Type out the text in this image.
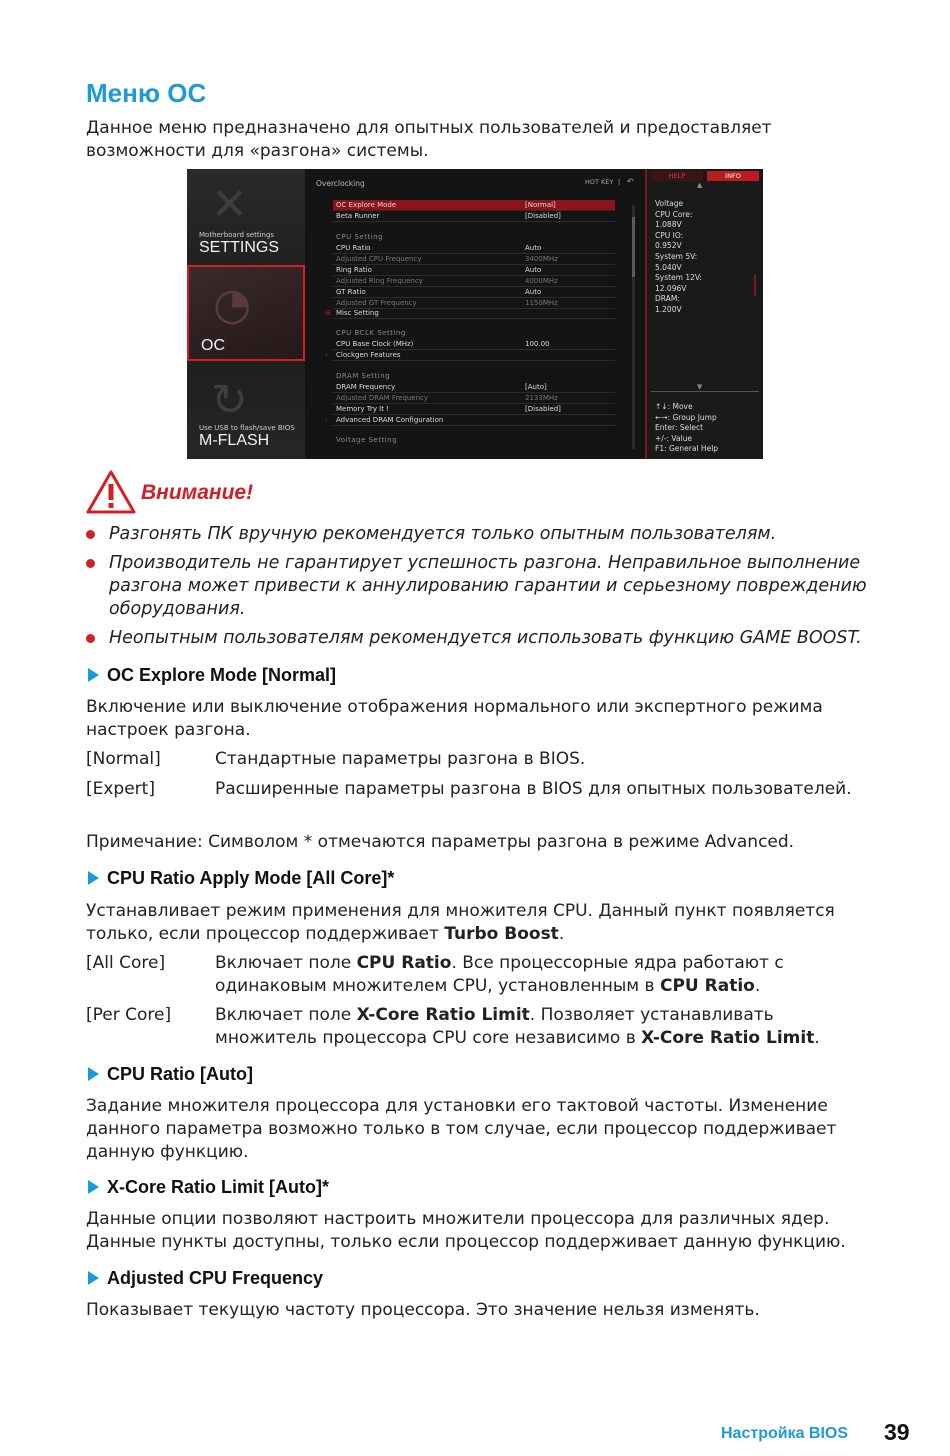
Меню OC

Данное меню предназначено для опытных пользователей и предоставляет возможности для «разгона» системы.

✕
Motherboard settings
SETTINGS
◔
OC
↻
Use USB to flash/save BIOS
M-FLASH
Overclocking	HOT KEY | ↶
OC Explore Mode	[Normal]
Beta Runner	[Disabled]
CPU Setting
CPU Ratio	Auto
Adjusted CPU Frequency	3400MHz
Ring Ratio	Auto
Adjusted Ring Frequency	4000MHz
GT Ratio	Auto
Adjusted GT Frequency	1150MHz
⊟ Misc Setting
CPU BCLK Setting
CPU Base Clock (MHz)	100.00
› Clockgen Features
DRAM Setting
DRAM Frequency	[Auto]
Adjusted DRAM Frequency	2133MHz
Memory Try It !	[Disabled]
› Advanced DRAM Configuration
Voltage Setting
HELP	INFO
▲
Voltage
CPU Core:
1.088V
CPU IO:
0.952V
System 5V:
5.040V
System 12V:
12.096V
DRAM:
1.200V
‖
‖
‖
▼
↑↓: Move
←→: Group Jump
Enter: Select
+/-: Value
F1: General Help
Внимание!
Разгонять ПК вручную рекомендуется только опытным пользователям.
Производитель не гарантирует успешность разгона. Неправильное выполнение разгона может привести к аннулированию гарантии и серьезному повреждению оборудования.
Неопытным пользователям рекомендуется использовать функцию GAME BOOST.
OC Explore Mode [Normal]

Включение или выключение отображения нормального или экспертного режима настроек разгона.

[Normal]	Стандартные параметры разгона в BIOS.
[Expert]	Расширенные параметры разгона в BIOS для опытных пользователей.

Примечание: Символом * отмечаются параметры разгона в режиме Advanced.

CPU Ratio Apply Mode [All Core]*

Устанавливает режим применения для множителя CPU. Данный пункт появляется только, если процессор поддерживает Turbo Boost.

[All Core]	Включает поле CPU Ratio. Все процессорные ядра работают с одинаковым множителем CPU, установленным в CPU Ratio.
[Per Core]	Включает поле X-Core Ratio Limit. Позволяет устанавливать множитель процессора CPU core независимо в X-Core Ratio Limit.
CPU Ratio [Auto]

Задание множителя процессора для установки его тактовой частоты. Изменение данного параметра возможно только в том случае, если процессор поддерживает данную функцию.

X-Core Ratio Limit [Auto]*

Данные опции позволяют настроить множители процессора для различных ядер. Данные пункты доступны, только если процессор поддерживает данную функцию.

Adjusted CPU Frequency

Показывает текущую частоту процессора. Это значение нельзя изменять.

Настройка BIOS 39
